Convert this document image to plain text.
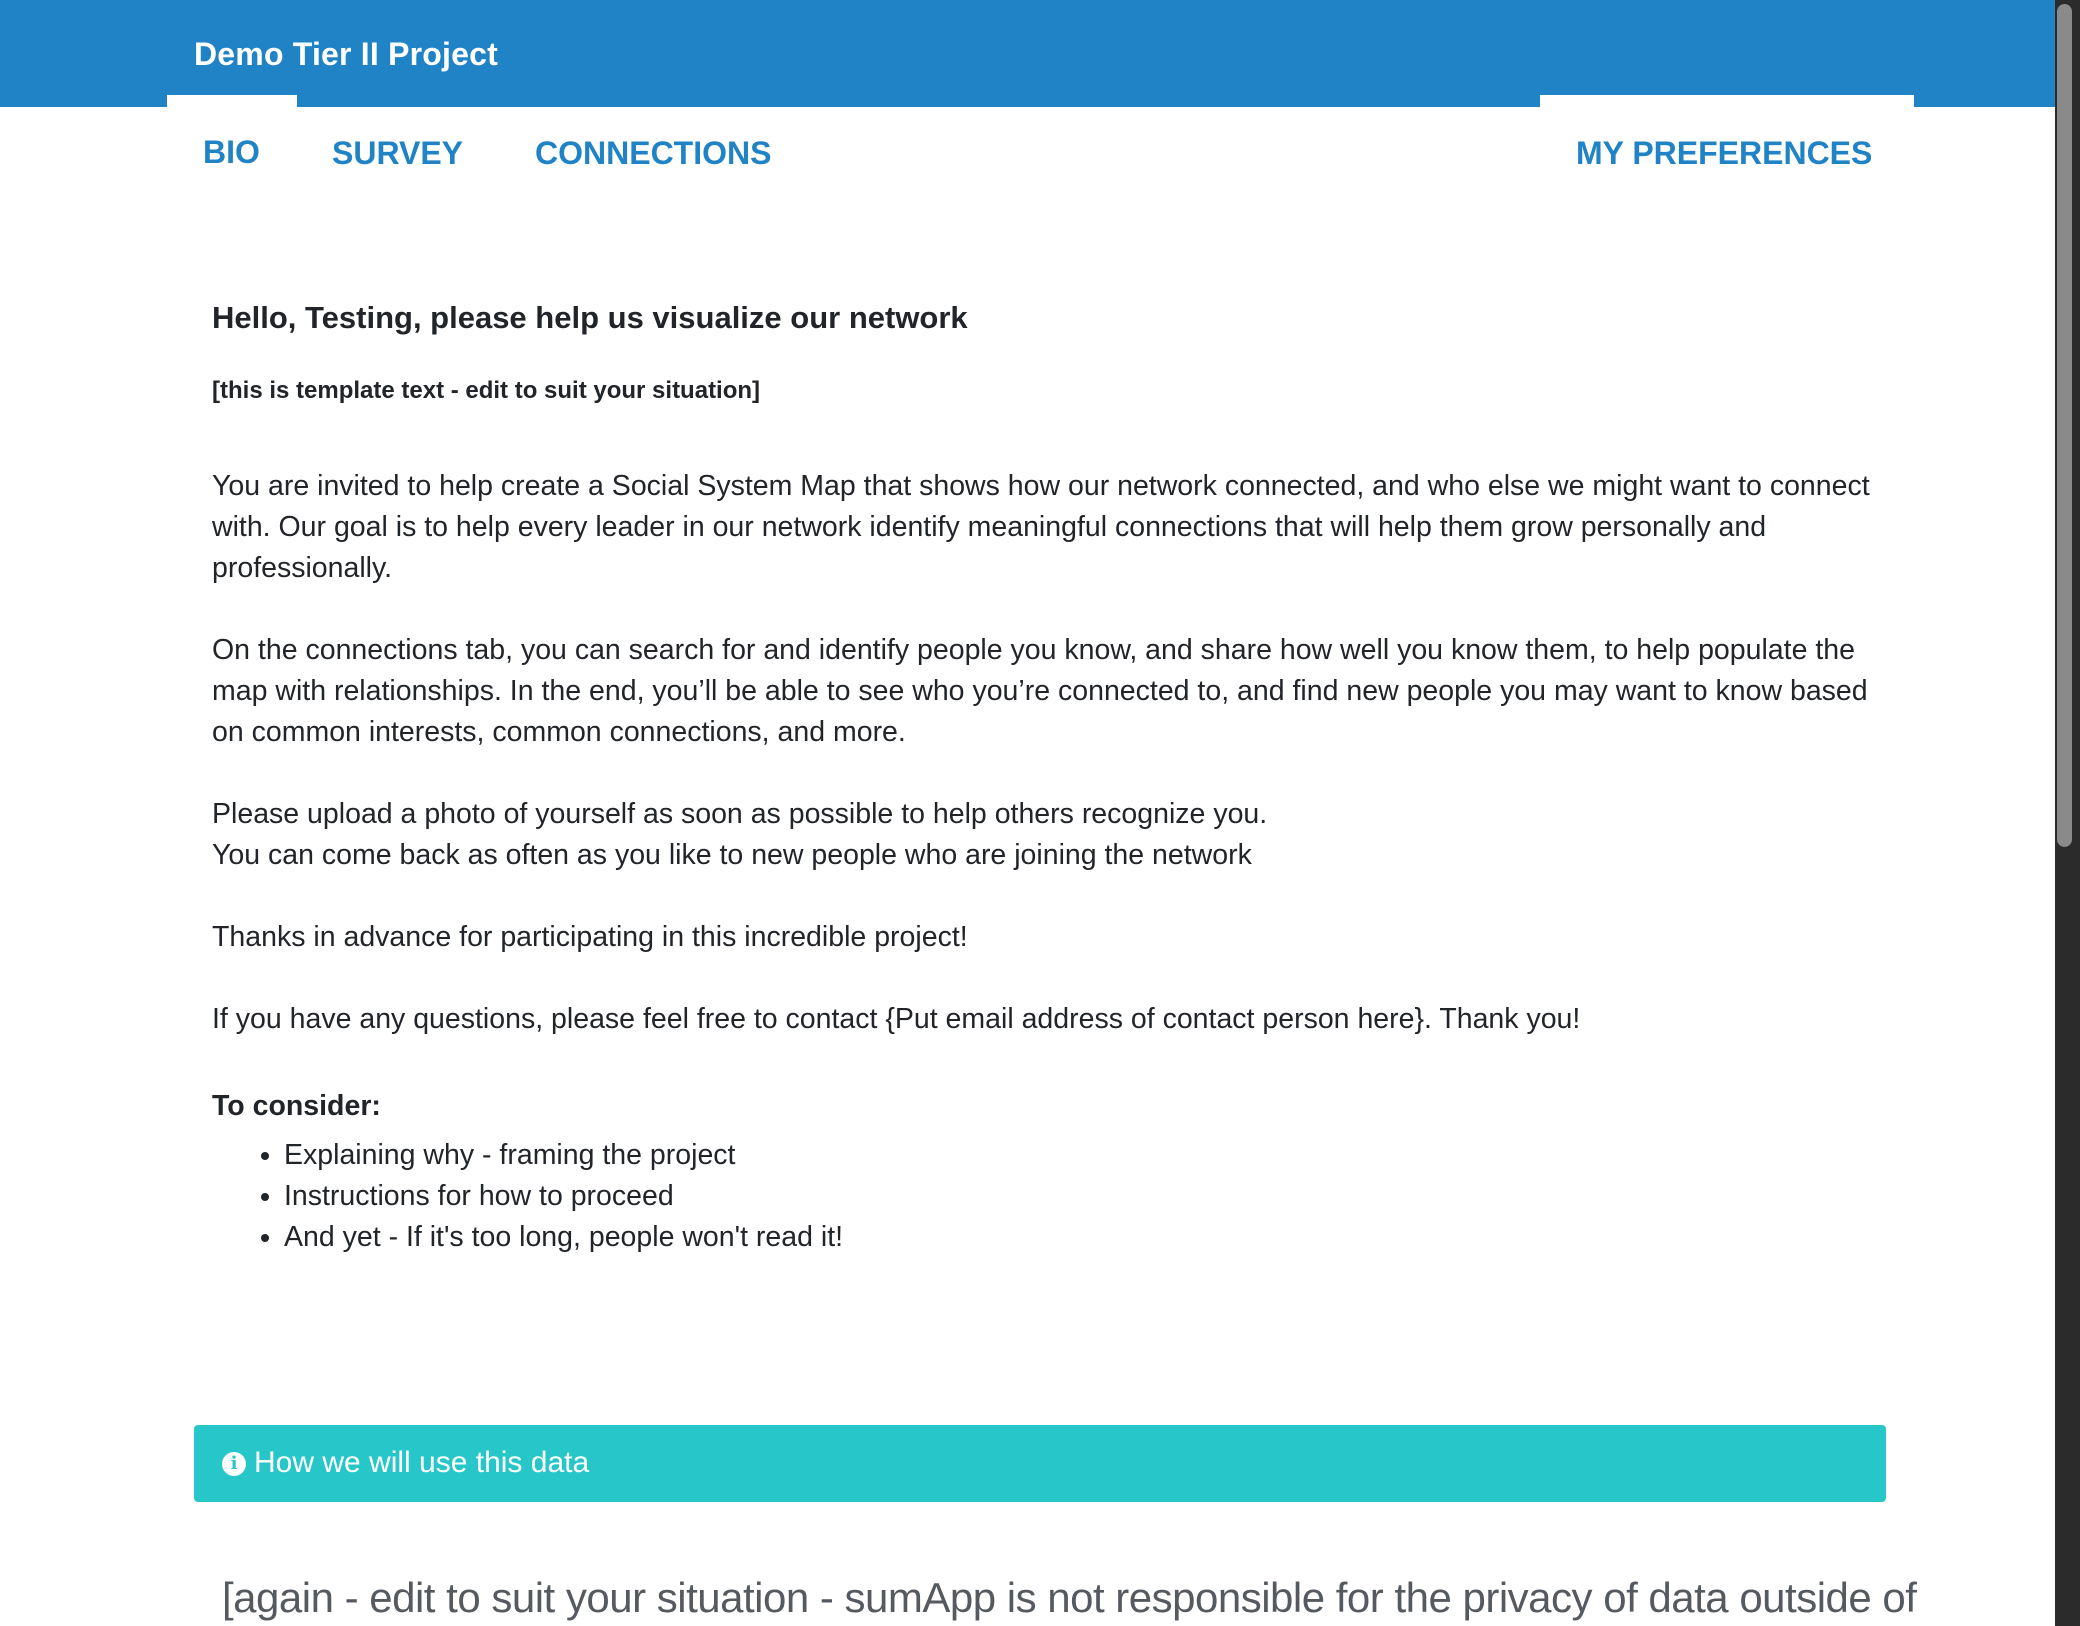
Demo Tier II Project
BIO SURVEY CONNECTIONS	MY PREFERENCES
Hello, Testing, please help us visualize our network

[this is template text - edit to suit your situation]

You are invited to help create a Social System Map that shows how our network connected, and who else we might want to connect with. Our goal is to help every leader in our network identify meaningful connections that will help them grow personally and professionally.

On the connections tab, you can search for and identify people you know, and share how well you know them, to help populate the map with relationships. In the end, you’ll be able to see who you’re connected to, and find new people you may want to know based on common interests, common connections, and more.

Please upload a photo of yourself as soon as possible to help others recognize you.

You can come back as often as you like to new people who are joining the network

Thanks in advance for participating in this incredible project!

If you have any questions, please feel free to contact {Put email address of contact person here}. Thank you!

To consider:

• Explaining why - framing the project
• Instructions for how to proceed
• And yet - If it's too long, people won't read it!
i How we will use this data
[again - edit to suit your situation - sumApp is not responsible for the privacy of data outside of
